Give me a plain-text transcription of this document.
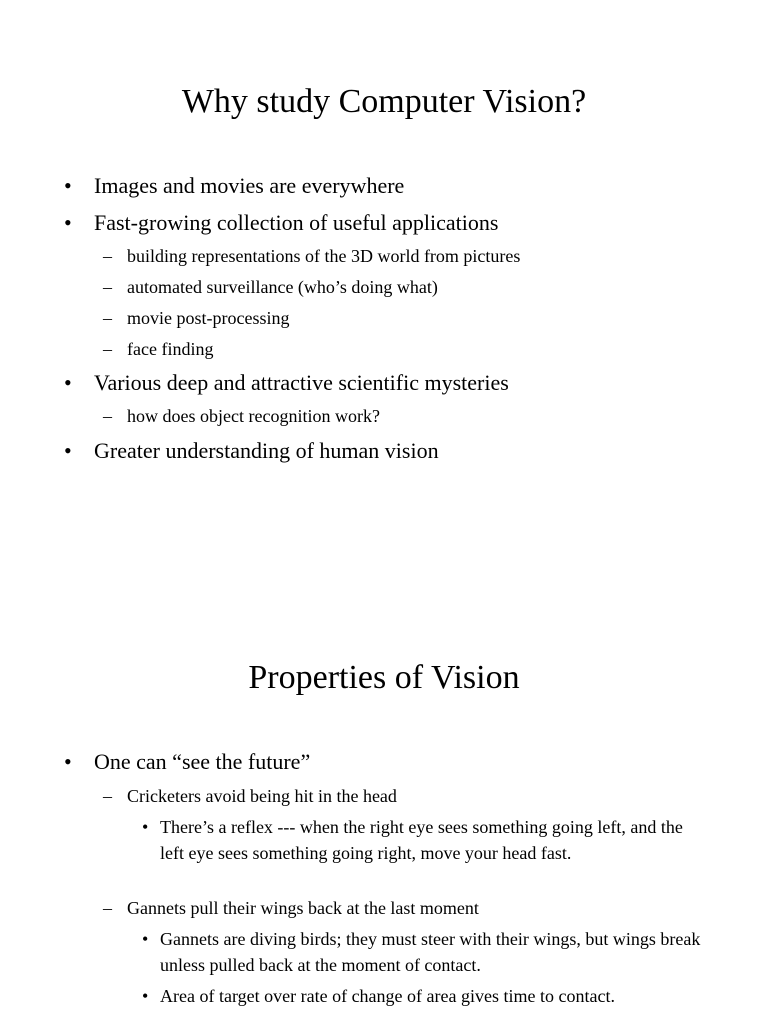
Why study Computer Vision?
• Images and movies are everywhere
• Fast-growing collection of useful applications
– building representations of the 3D world from pictures
– automated surveillance (who’s doing what)
– movie post-processing
– face finding
• Various deep and attractive scientific mysteries
– how does object recognition work?
• Greater understanding of human vision
Properties of Vision
• One can “see the future”
– Cricketers avoid being hit in the head
• There’s a reflex --- when the right eye sees something going left, and the left eye sees something going right, move your head fast.
– Gannets pull their wings back at the last moment
• Gannets are diving birds; they must steer with their wings, but wings break unless pulled back at the moment of contact.
• Area of target over rate of change of area gives time to contact.
